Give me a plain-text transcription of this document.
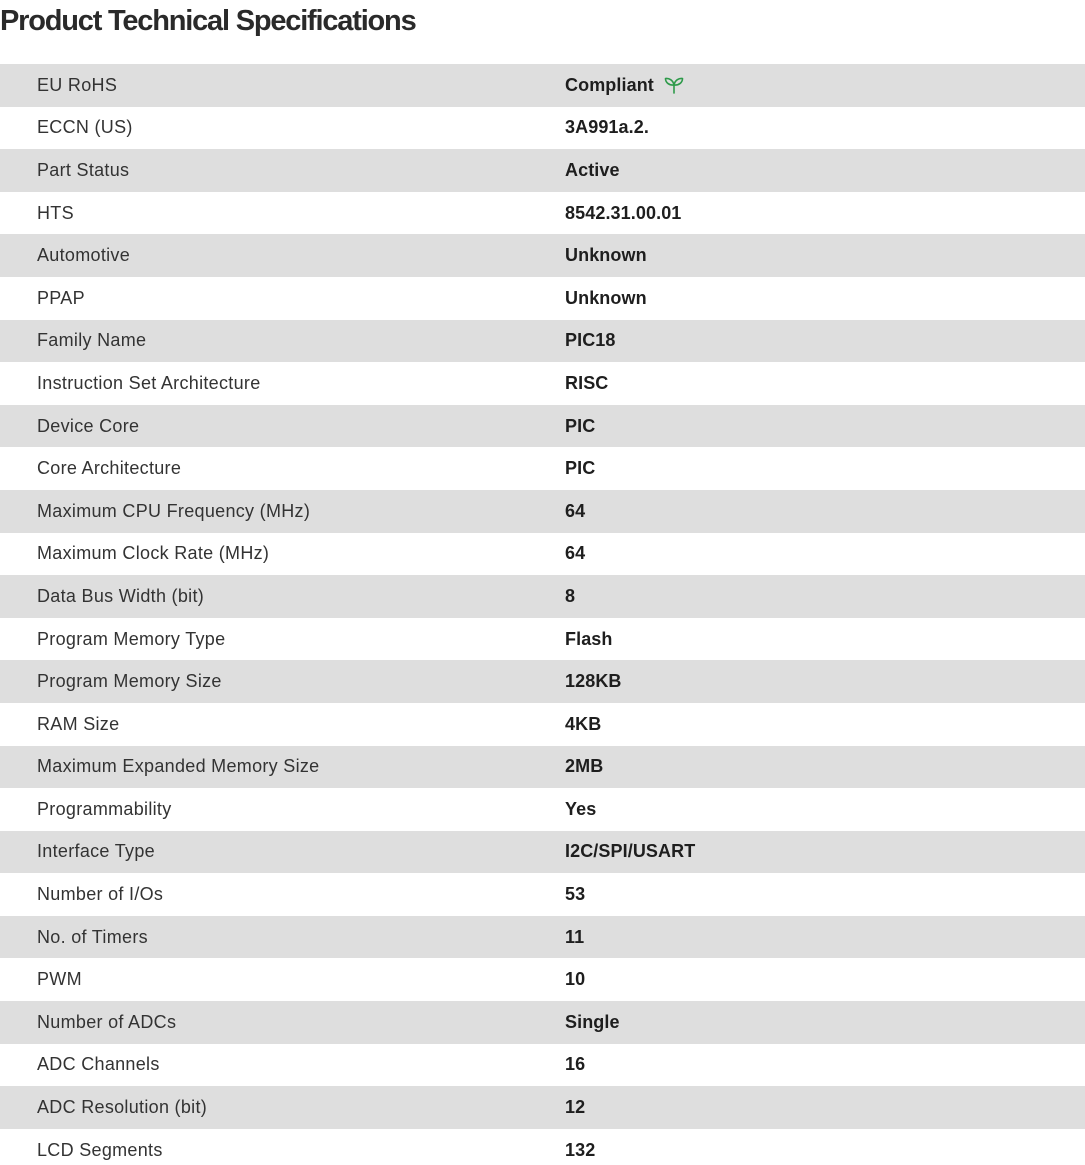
Product Technical Specifications
EU RoHS	Compliant
ECCN (US)	3A991a.2.
Part Status	Active
HTS	8542.31.00.01
Automotive	Unknown
PPAP	Unknown
Family Name	PIC18
Instruction Set Architecture	RISC
Device Core	PIC
Core Architecture	PIC
Maximum CPU Frequency (MHz)	64
Maximum Clock Rate (MHz)	64
Data Bus Width (bit)	8
Program Memory Type	Flash
Program Memory Size	128KB
RAM Size	4KB
Maximum Expanded Memory Size	2MB
Programmability	Yes
Interface Type	I2C/SPI/USART
Number of I/Os	53
No. of Timers	11
PWM	10
Number of ADCs	Single
ADC Channels	16
ADC Resolution (bit)	12
LCD Segments	132
